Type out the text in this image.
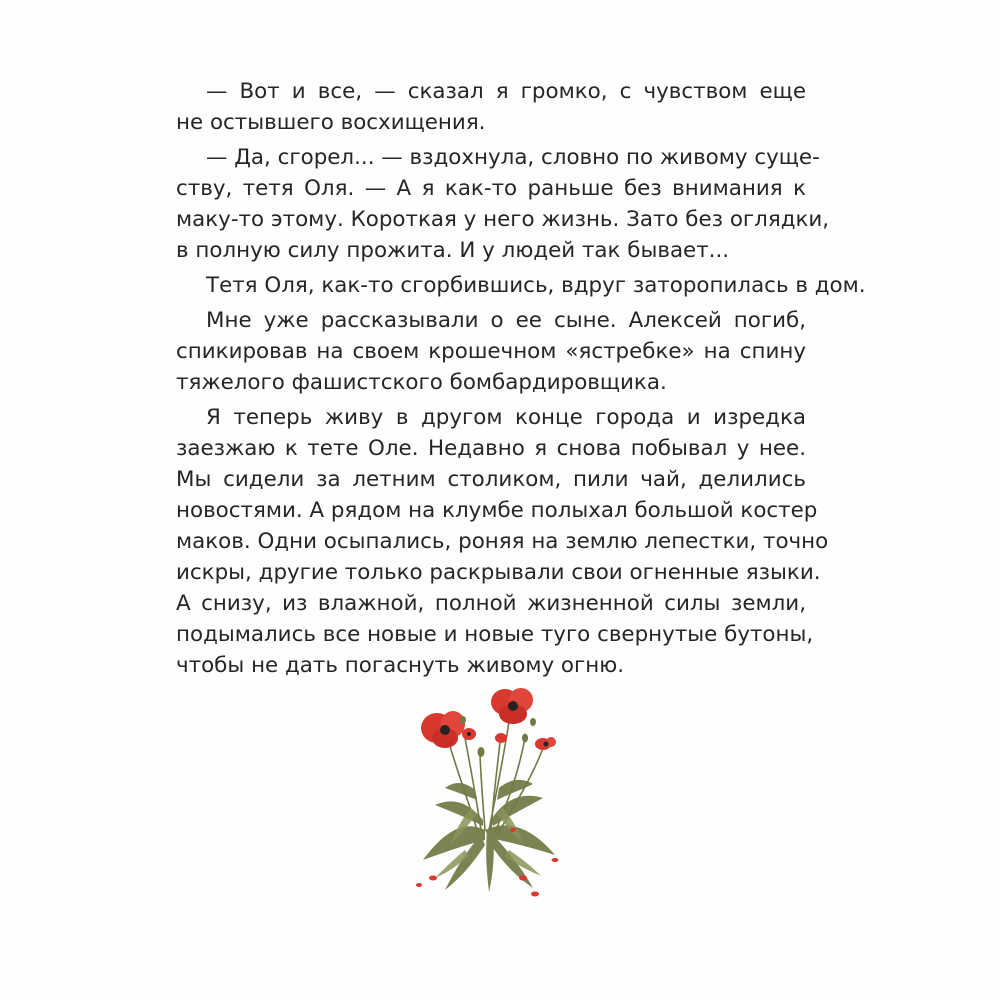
— Вот и все, — сказал я громко, с чувством еще
не остывшего восхищения.
— Да, сгорел... — вздохнула, словно по живому суще-
ству, тетя Оля. — А я как-то раньше без внимания к
маку-то этому. Короткая у него жизнь. Зато без оглядки,
в полную силу прожита. И у людей так бывает...
Тетя Оля, как-то сгорбившись, вдруг заторопилась в дом.
Мне уже рассказывали о ее сыне. Алексей погиб,
спикировав на своем крошечном «ястребке» на спину
тяжелого фашистского бомбардировщика.
Я теперь живу в другом конце города и изредка
заезжаю к тете Оле. Недавно я снова побывал у нее.
Мы сидели за летним столиком, пили чай, делились
новостями. А рядом на клумбе полыхал большой костер
маков. Одни осыпались, роняя на землю лепестки, точно
искры, другие только раскрывали свои огненные языки.
А снизу, из влажной, полной жизненной силы земли,
подымались все новые и новые туго свернутые бутоны,
чтобы не дать погаснуть живому огню.
